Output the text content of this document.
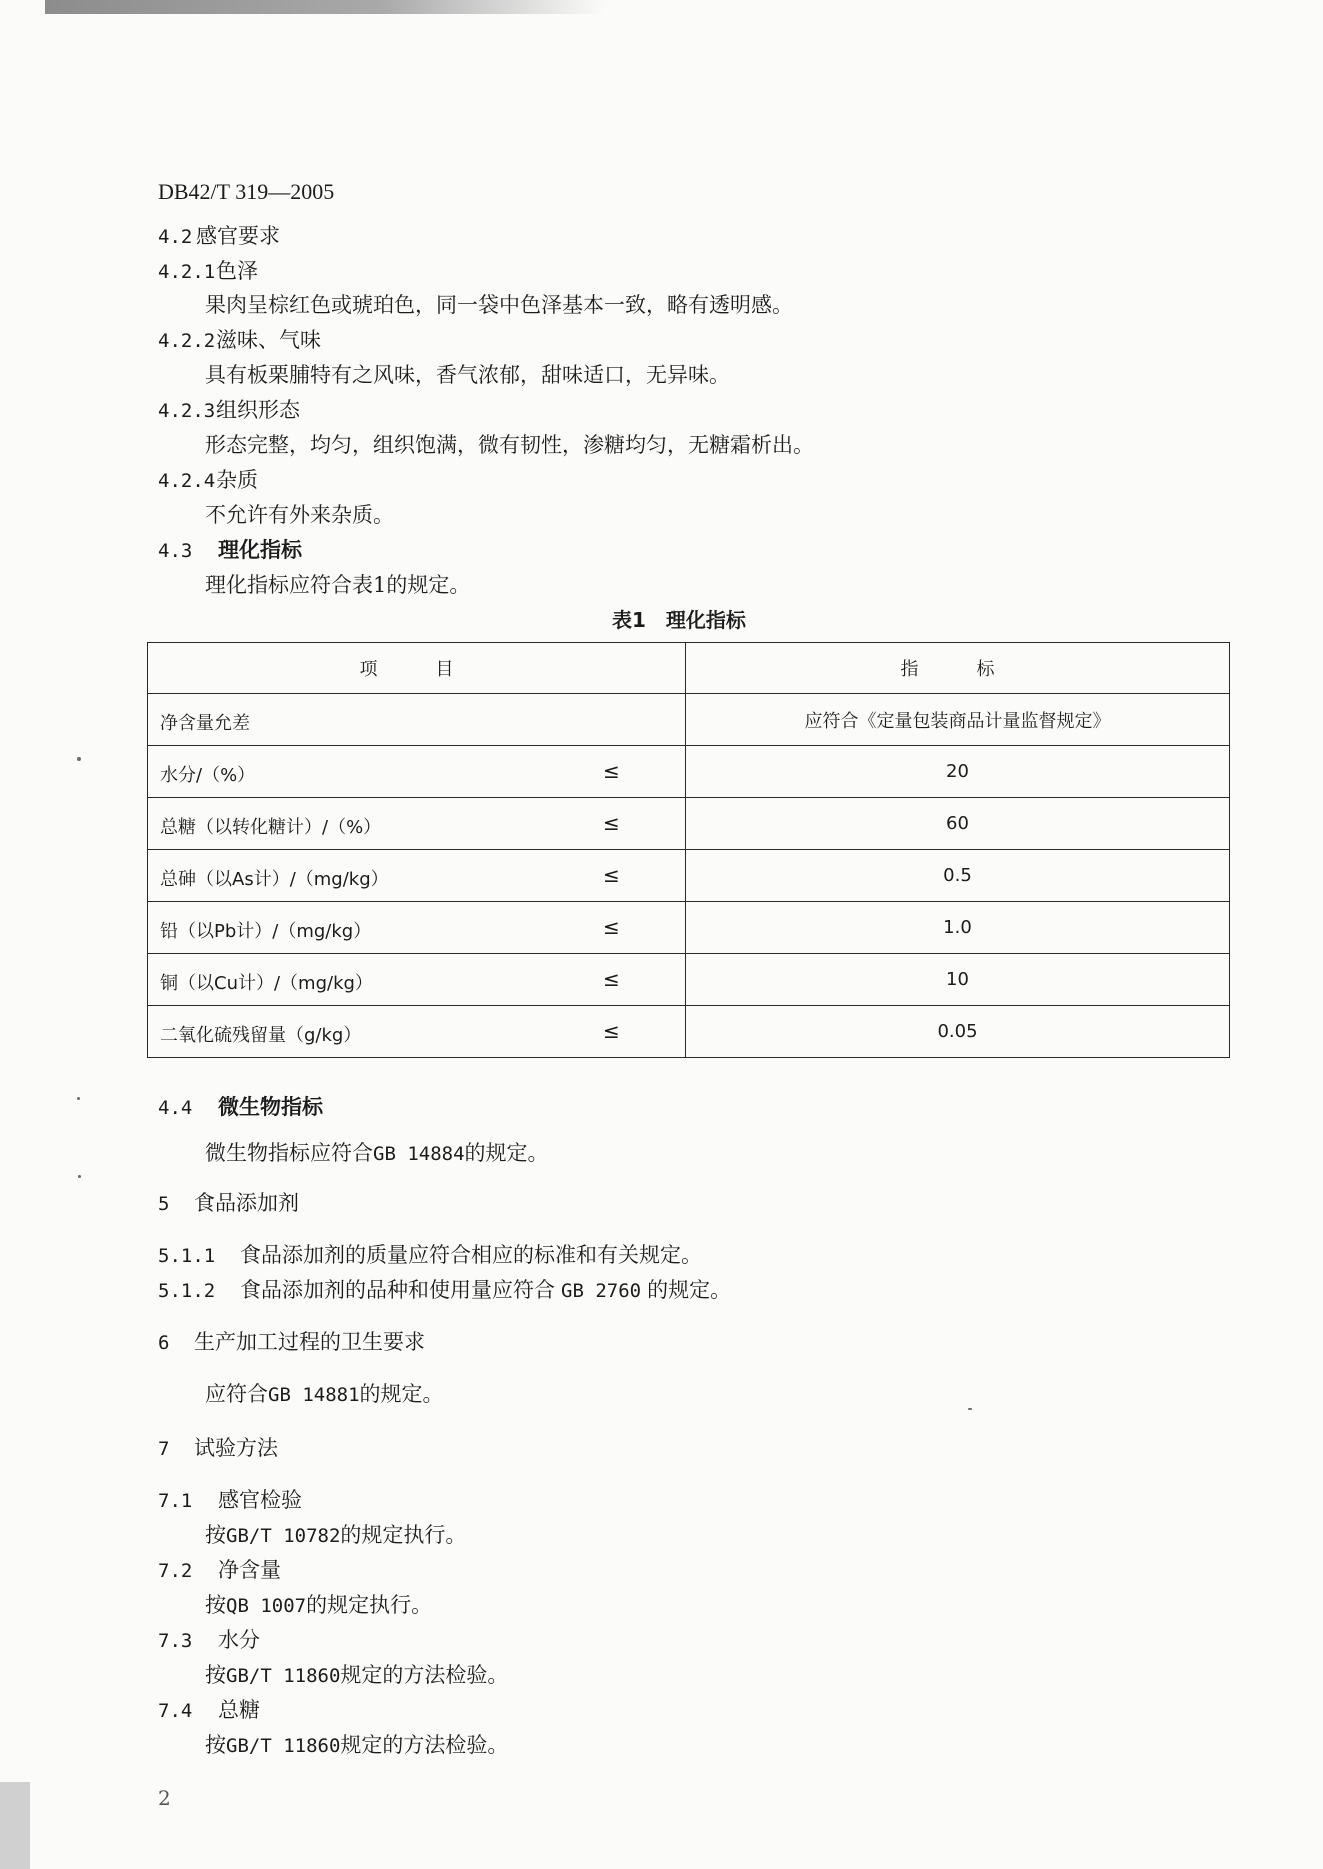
DB42/T 319—2005
4.2 感官要求
4.2.1色泽
果肉呈棕红色或琥珀色，同一袋中色泽基本一致，略有透明感。
4.2.2滋味、气味
具有板栗脯特有之风味，香气浓郁，甜味适口，无异味。
4.2.3组织形态
形态完整，均匀，组织饱满，微有韧性，渗糖均匀，无糖霜析出。
4.2.4杂质
不允许有外来杂质。
4.3 理化指标
理化指标应符合表1的规定。
表1　理化指标
项　目	指　标

净含量允差	应符合《定量包装商品计量监督规定》

水分/（%） ≤	20

总糖（以转化糖计）/（%） ≤	60

总砷（以As计）/（mg/kg） ≤	0.5

铅（以Pb计）/（mg/kg） ≤	1.0

铜（以Cu计）/（mg/kg） ≤	10

二氧化硫残留量（g/kg） ≤	0.05
4.4 微生物指标
微生物指标应符合GB 14884的规定。
5 食品添加剂
5.1.1 食品添加剂的质量应符合相应的标准和有关规定。
5.1.2 食品添加剂的品种和使用量应符合 GB 2760 的规定。
6 生产加工过程的卫生要求
应符合GB 14881的规定。
7 试验方法
7.1 感官检验
按GB/T 10782的规定执行。
7.2 净含量
按QB 1007的规定执行。
7.3 水分
按GB/T 11860规定的方法检验。
7.4 总糖
按GB/T 11860规定的方法检验。
2
